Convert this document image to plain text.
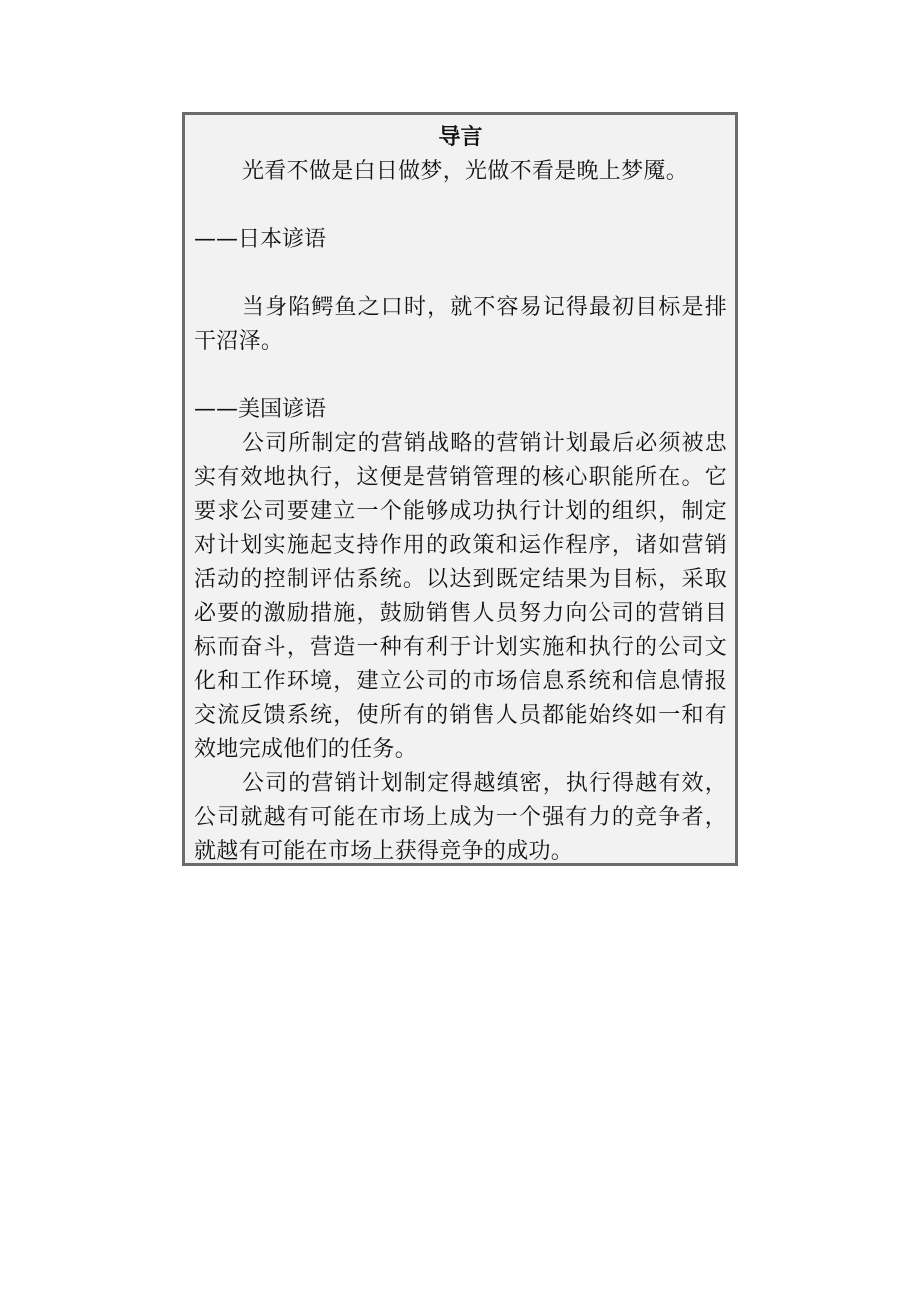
导言

光看不做是白日做梦，光做不看是晚上梦魇。

——日本谚语

当身陷鳄鱼之口时，就不容易记得最初目标是排干沼泽。

——美国谚语

公司所制定的营销战略的营销计划最后必须被忠实有效地执行，这便是营销管理的核心职能所在。它要求公司要建立一个能够成功执行计划的组织，制定对计划实施起支持作用的政策和运作程序，诸如营销活动的控制评估系统。以达到既定结果为目标，采取必要的激励措施，鼓励销售人员努力向公司的营销目标而奋斗，营造一种有利于计划实施和执行的公司文化和工作环境，建立公司的市场信息系统和信息情报交流反馈系统，使所有的销售人员都能始终如一和有效地完成他们的任务。

公司的营销计划制定得越缜密，执行得越有效，公司就越有可能在市场上成为一个强有力的竞争者，就越有可能在市场上获得竞争的成功。
